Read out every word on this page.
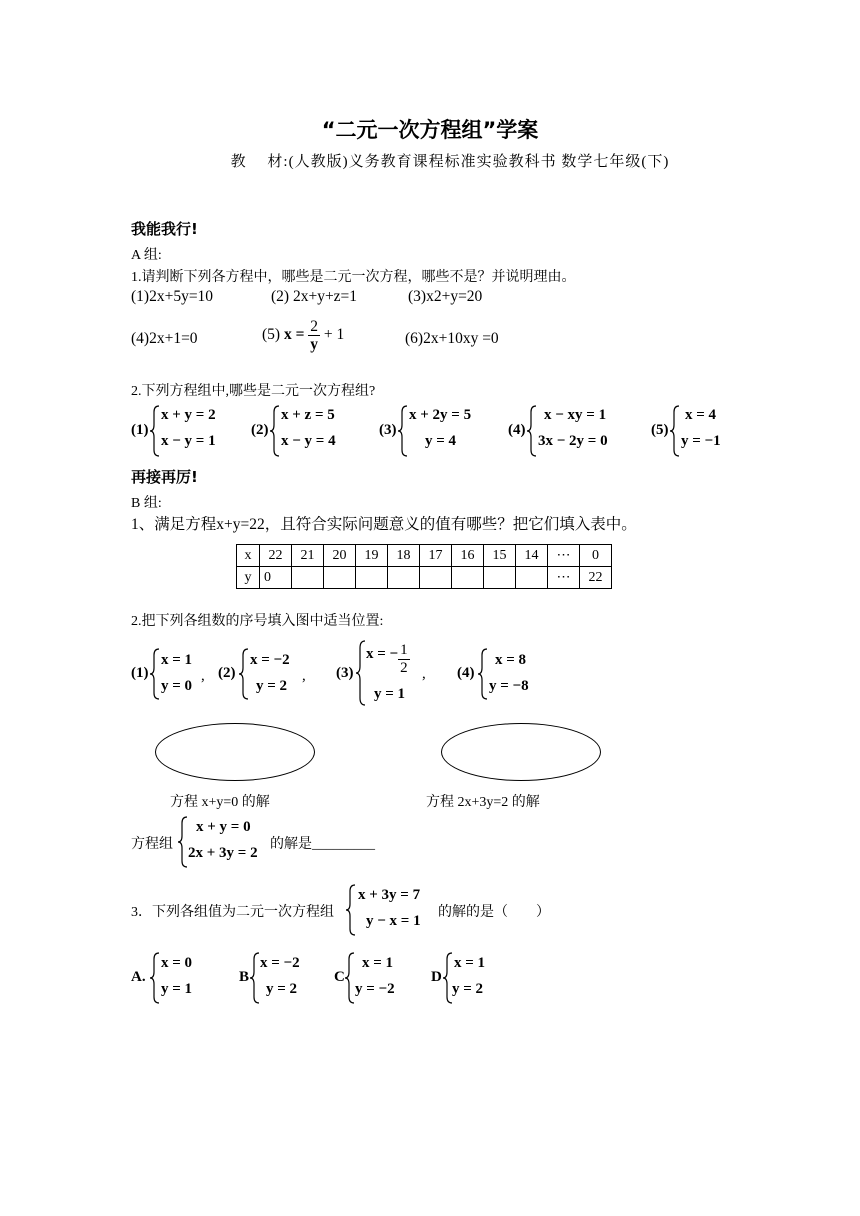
“二元一次方程组”学案
教　 材:(人教版)义务教育课程标准实验教科书 数学七年级(下)
我能我行!
A 组:
1.请判断下列各方程中，哪些是二元一次方程，哪些不是？并说明理由。
(1)2x+5y=10	(2) 2x+y+z=1	(3)x2+y=20
(4)2x+1=0	(5) $x = \frac{2}{y} + 1$	(6)2x+10xy =0
2.下列方程组中,哪些是二元一次方程组?
(1)
x + y = 2
x − y = 1
(2)
x + z = 5
x − y = 4
(3)
x + 2y = 5
y = 4
(4)
x − xy = 1
3x − 2y = 0
(5)
x = 4
y = −1
再接再厉!
B 组:
1、满足方程x+y=22，且符合实际问题意义的值有哪些？把它们填入表中。
x	22	21	20	19	18	17	16	15	14	⋯	0
y	0									⋯	22
2.把下列各组数的序号填入图中适当位置:
(1)
x = 1
y = 0
, (2)
x = −2
y = 2
, (3)
x = − $\frac{1}{2}$
y = 1
, (4)
x = 8
y = −8
方程 x+y=0 的解	方程 2x+3y=2 的解
方程组
x + y = 0
2x + 3y = 2
的解是_________
3．下列各组值为二元一次方程组
x + 3y = 7
y − x = 1
的解的是（　　）
A.
x = 0
y = 1
B
x = −2
y = 2
C
x = 1
y = −2
D
x = 1
y = 2
